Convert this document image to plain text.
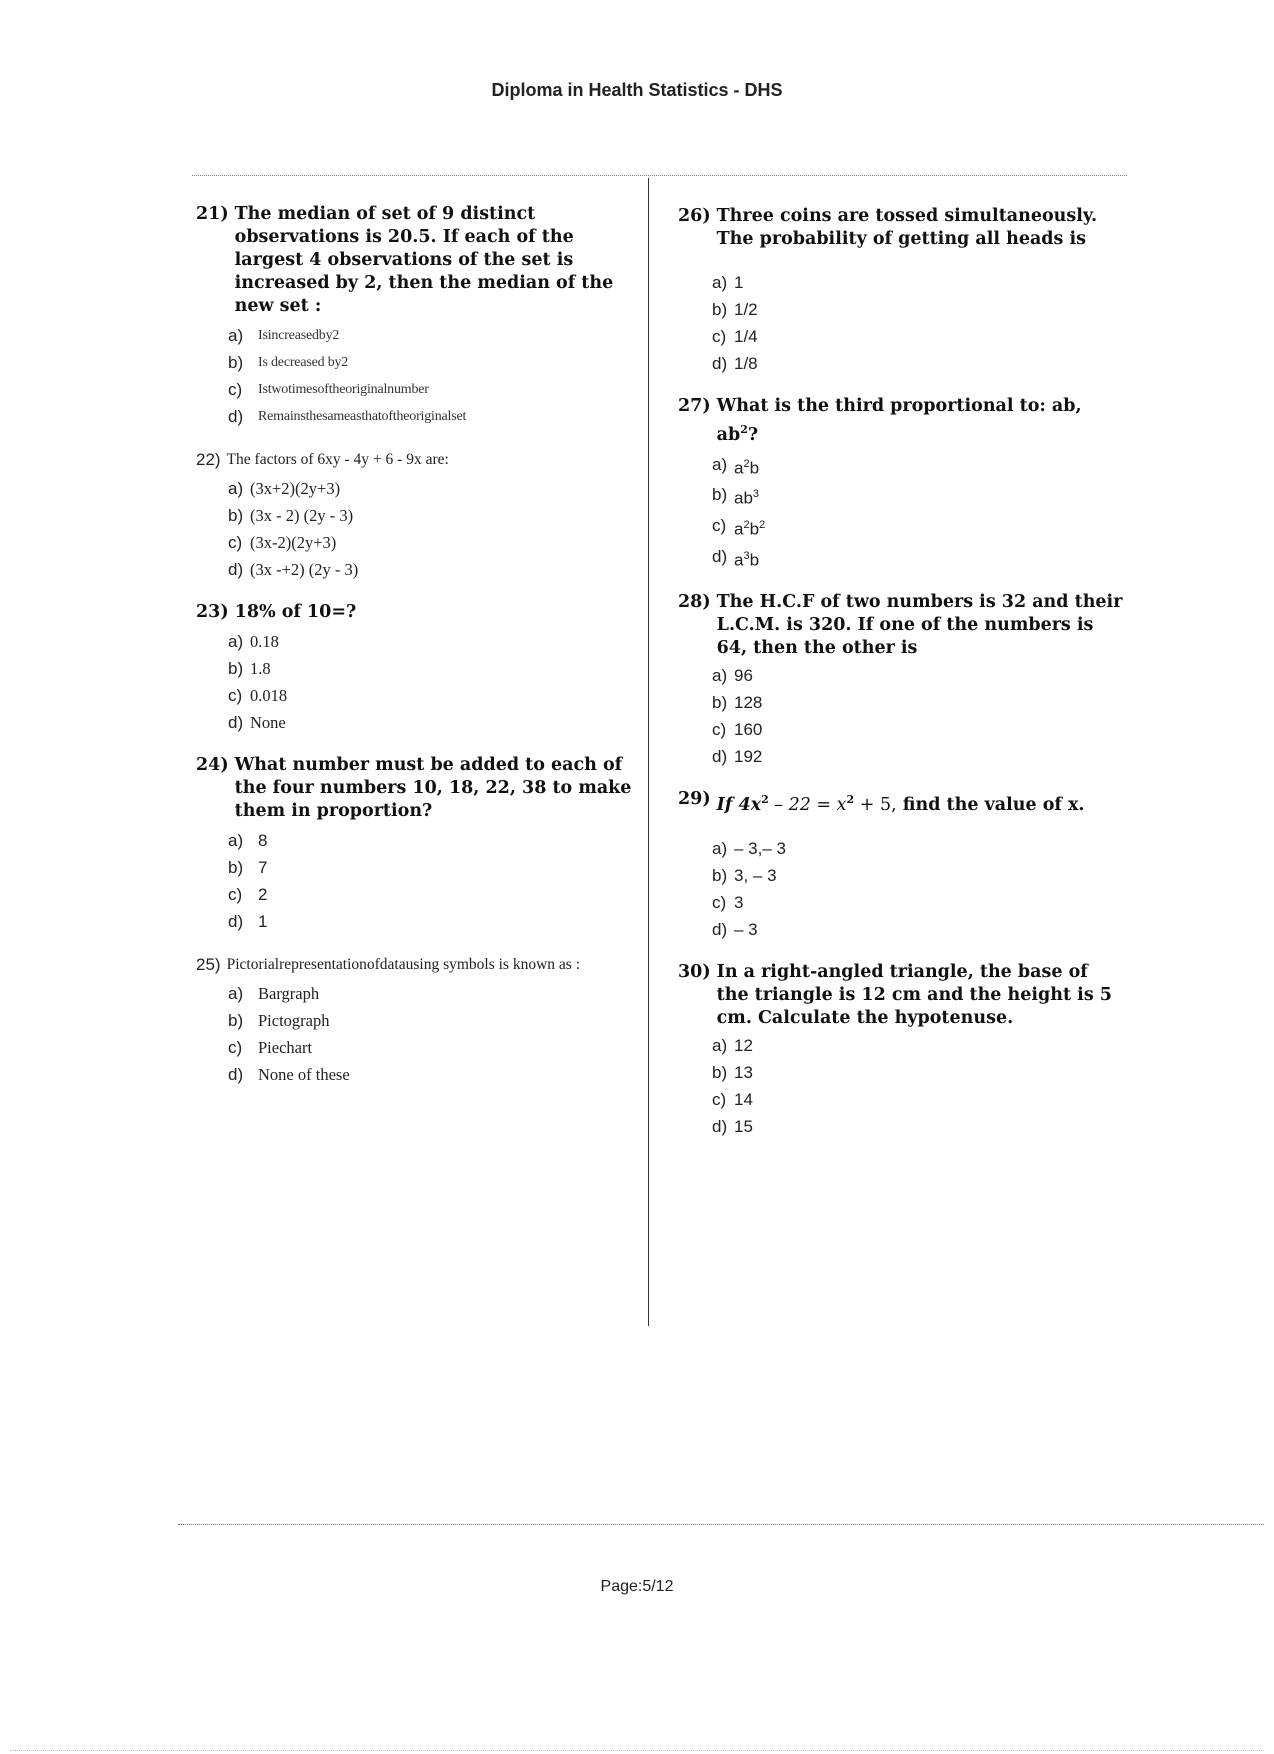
Diploma in Health Statistics - DHS
21) The median of set of 9 distinct observations is 20.5. If each of the largest 4 observations of the set is increased by 2, then the median of the new set :
a)	Isincreasedby2
b)	Is decreased by2
c)	Istwotimesoftheoriginalnumber
d)	Remainsthesameasthatoftheoriginalset
22) The factors of 6xy - 4y + 6 - 9x are:
a) (3x+2)(2y+3)
b) (3x - 2) (2y - 3)
c) (3x-2)(2y+3)
d) (3x -+2) (2y - 3)
23) 18% of 10=?
a) 0.18
b) 1.8
c) 0.018
d) None
24) What number must be added to each of the four numbers 10, 18, 22, 38 to make them in proportion?
a) 8
b) 7
c) 2
d) 1
25) Pictorialrepresentationofdatausing symbols is known as :
a) Bargraph
b) Pictograph
c) Piechart
d) None of these
26) Three coins are tossed simultaneously. The probability of getting all heads is
a) 1
b) 1/2
c) 1/4
d) 1/8
27) What is the third proportional to: ab,
$ab^2$?
a) $a^2b$
b) $ab^3$
c) $a^2b^2$
d) $a^3b$
28) The H.C.F of two numbers is 32 and their L.C.M. is 320. If one of the numbers is 64, then the other is
a) 96
b) 128
c) 160
d) 192
29) If $4x^2 - 22 = x^2 + 5$, find the value of x.
a) – 3,– 3
b) 3, – 3
c) 3
d) – 3
30) In a right-angled triangle, the base of the triangle is 12 cm and the height is 5 cm. Calculate the hypotenuse.
a) 12
b) 13
c) 14
d) 15
Page:5/12
